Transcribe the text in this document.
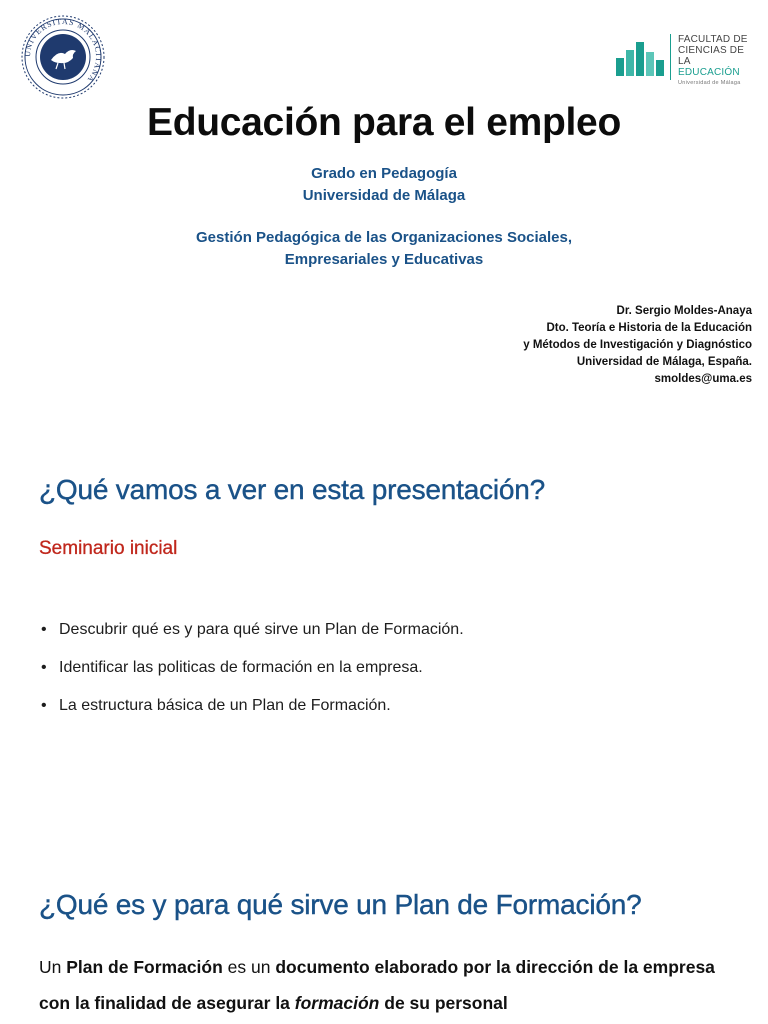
UNIVERSITAS MALACITANA
FACULTAD DE
CIENCIAS DE
LA EDUCACIÓN
Universidad de Málaga
Educación para el empleo
Grado en Pedagogía
Universidad de Málaga
Gestión Pedagógica de las Organizaciones Sociales,
Empresariales y Educativas
Dr. Sergio Moldes-Anaya
Dto. Teoría e Historia de la Educación
y Métodos de Investigación y Diagnóstico
Universidad de Málaga, España.
smoldes@uma.es
¿Qué vamos a ver en esta presentación?
Seminario inicial
• Descubrir qué es y para qué sirve un Plan de Formación.
• Identificar las politicas de formación en la empresa.
• La estructura básica de un Plan de Formación.
¿Qué es y para qué sirve un Plan de Formación?
Un Plan de Formación es un documento elaborado por la dirección de la empresa con la finalidad de asegurar la formación de su personal
